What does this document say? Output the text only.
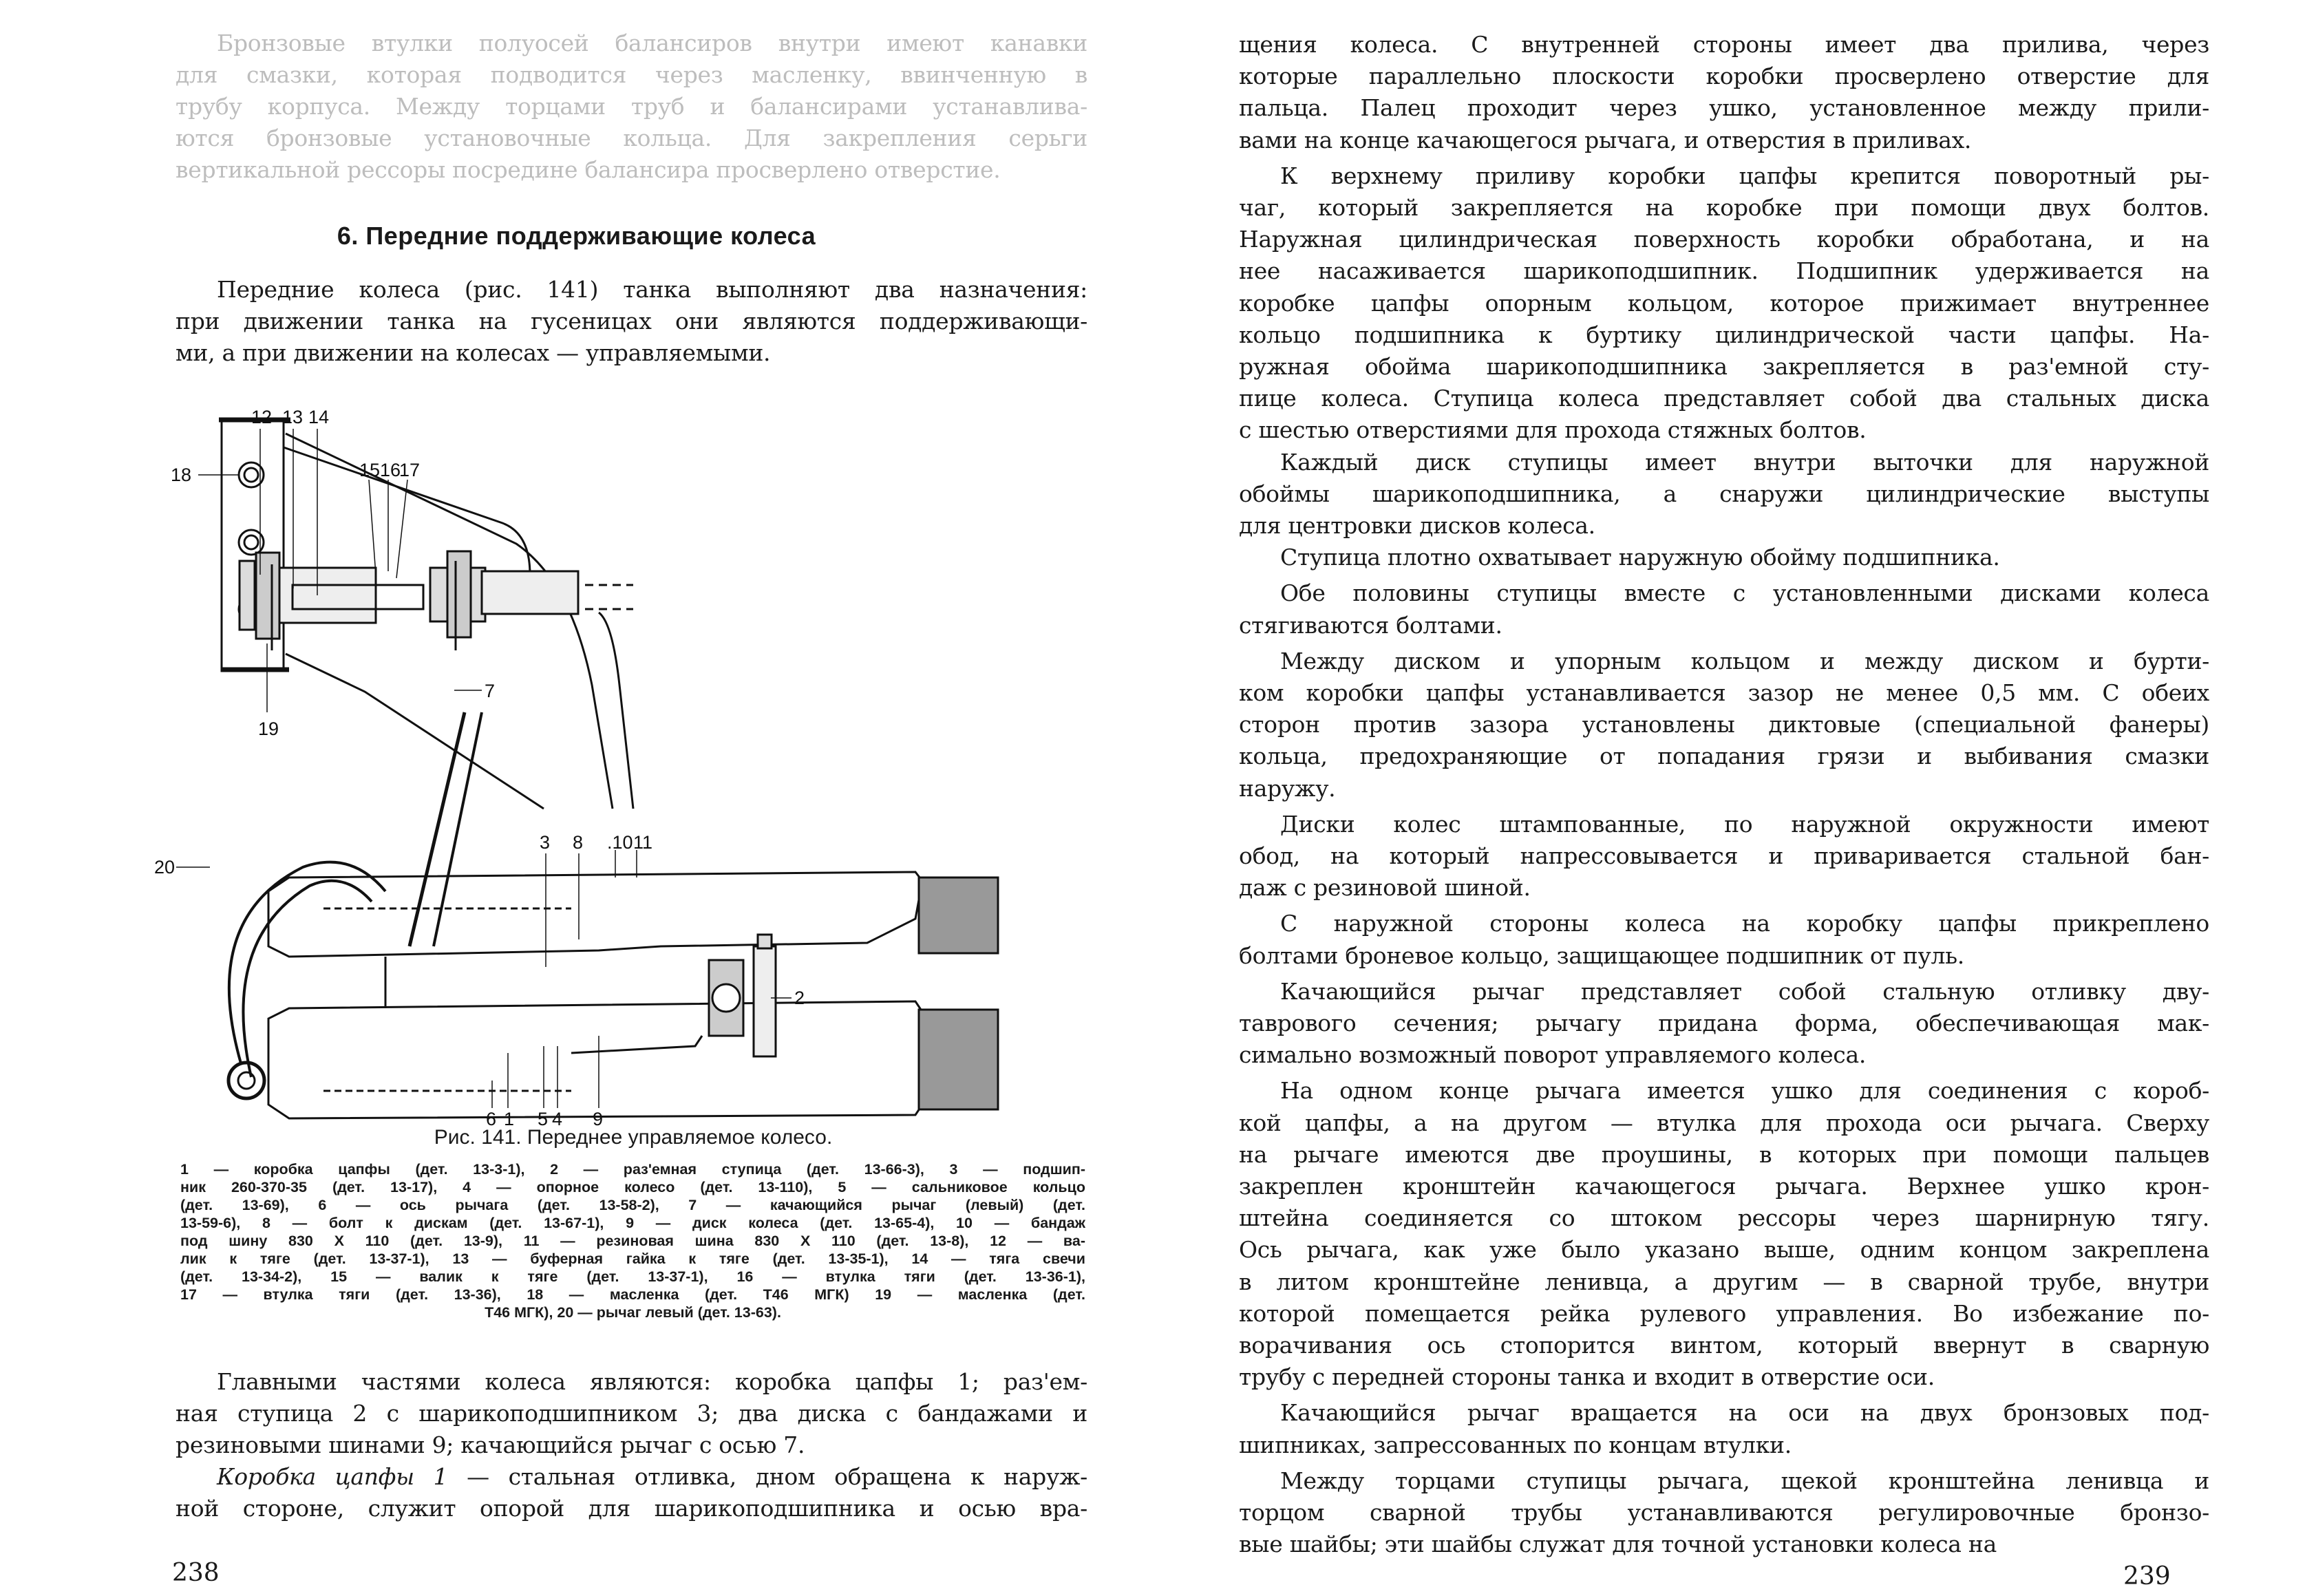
Бронзовые втулки полуосей балансиров внутри имеют канавки
для смазки, которая подводится через масленку, ввинченную в
трубу корпуса. Между торцами труб и балансирами устанавлива-
ются бронзовые установочные кольца. Для закрепления серьги
вертикальной рессоры посредине балансира просверлено отверстие.
6. Передние поддерживающие колеса
Передние колеса (рис. 141) танка выполняют два назначения:
при движении танка на гусеницах они являются поддерживающи-
ми, а при движении на колесах — управляемыми.
12 13 14
18	15 16
17
7
19
20
3 8 .10 11
2
6 1 5 4 9
Рис. 141. Переднее управляемое колесо.
1 — коробка цапфы (дет. 13-3-1), 2 — раз'емная ступица (дет. 13-66-3), 3 — подшип-
ник 260-370-35 (дет. 13-17), 4 — опорное колесо (дет. 13-110), 5 — сальниковое кольцо
(дет. 13-69), 6 — ось рычага (дет. 13-58-2), 7 — качающийся рычаг (левый) (дет.
13-59-6), 8 — болт к дискам (дет. 13-67-1), 9 — диск колеса (дет. 13-65-4), 10 — бандаж
под шину 830 X 110 (дет. 13-9), 11 — резиновая шина 830 X 110 (дет. 13-8), 12 — ва-
лик к тяге (дет. 13-37-1), 13 — буферная гайка к тяге (дет. 13-35-1), 14 — тяга свечи
(дет. 13-34-2), 15 — валик к тяге (дет. 13-37-1), 16 — втулка тяги (дет. 13-36-1),
17 — втулка тяги (дет. 13-36), 18 — масленка (дет. Т46 МГК) 19 — масленка (дет.
Т46 МГК), 20 — рычаг левый (дет. 13-63).
Главными частями колеса являются: коробка цапфы 1; раз'ем-
ная ступица 2 с шарикоподшипником 3; два диска с бандажами и
резиновыми шинами 9; качающийся рычаг с осью 7.
Коробка цапфы 1 — стальная отливка, дном обращена к наруж-
ной стороне, служит опорой для шарикоподшипника и осью вра-
238
щения колеса. С внутренней стороны имеет два прилива, через
которые параллельно плоскости коробки просверлено отверстие для
пальца. Палец проходит через ушко, установленное между прили-
вами на конце качающегося рычага, и отверстия в приливах.
К верхнему приливу коробки цапфы крепится поворотный ры-
чаг, который закрепляется на коробке при помощи двух болтов.
Наружная цилиндрическая поверхность коробки обработана, и на
нее насаживается шарикоподшипник. Подшипник удерживается на
коробке цапфы опорным кольцом, которое прижимает внутреннее
кольцо подшипника к буртику цилиндрической части цапфы. На-
ружная обойма шарикоподшипника закрепляется в раз'емной сту-
пице колеса. Ступица колеса представляет собой два стальных диска
с шестью отверстиями для прохода стяжных болтов.
Каждый диск ступицы имеет внутри выточки для наружной
обоймы шарикоподшипника, а снаружи цилиндрические выступы
для центровки дисков колеса.
Ступица плотно охватывает наружную обойму подшипника.
Обе половины ступицы вместе с установленными дисками колеса
стягиваются болтами.
Между диском и упорным кольцом и между диском и бурти-
ком коробки цапфы устанавливается зазор не менее 0,5 мм. С обеих
сторон против зазора установлены диктовые (специальной фанеры)
кольца, предохраняющие от попадания грязи и выбивания смазки
наружу.
Диски колес штампованные, по наружной окружности имеют
обод, на который напрессовывается и приваривается стальной бан-
даж с резиновой шиной.
С наружной стороны колеса на коробку цапфы прикреплено
болтами броневое кольцо, защищающее подшипник от пуль.
Качающийся рычаг представляет собой стальную отливку дву-
таврового сечения; рычагу придана форма, обеспечивающая мак-
симально возможный поворот управляемого колеса.
На одном конце рычага имеется ушко для соединения с короб-
кой цапфы, а на другом — втулка для прохода оси рычага. Сверху
на рычаге имеются две проушины, в которых при помощи пальцев
закреплен кронштейн качающегося рычага. Верхнее ушко крон-
штейна соединяется со штоком рессоры через шарнирную тягу.
Ось рычага, как уже было указано выше, одним концом закреплена
в литом кронштейне ленивца, а другим — в сварной трубе, внутри
которой помещается рейка рулевого управления. Во избежание по-
ворачивания ось стопорится винтом, который ввернут в сварную
трубу с передней стороны танка и входит в отверстие оси.
Качающийся рычаг вращается на оси на двух бронзовых под-
шипниках, запрессованных по концам втулки.
Между торцами ступицы рычага, щекой кронштейна ленивца и
торцом сварной трубы устанавливаются регулировочные бронзо-
вые шайбы; эти шайбы служат для точной установки колеса на
239
